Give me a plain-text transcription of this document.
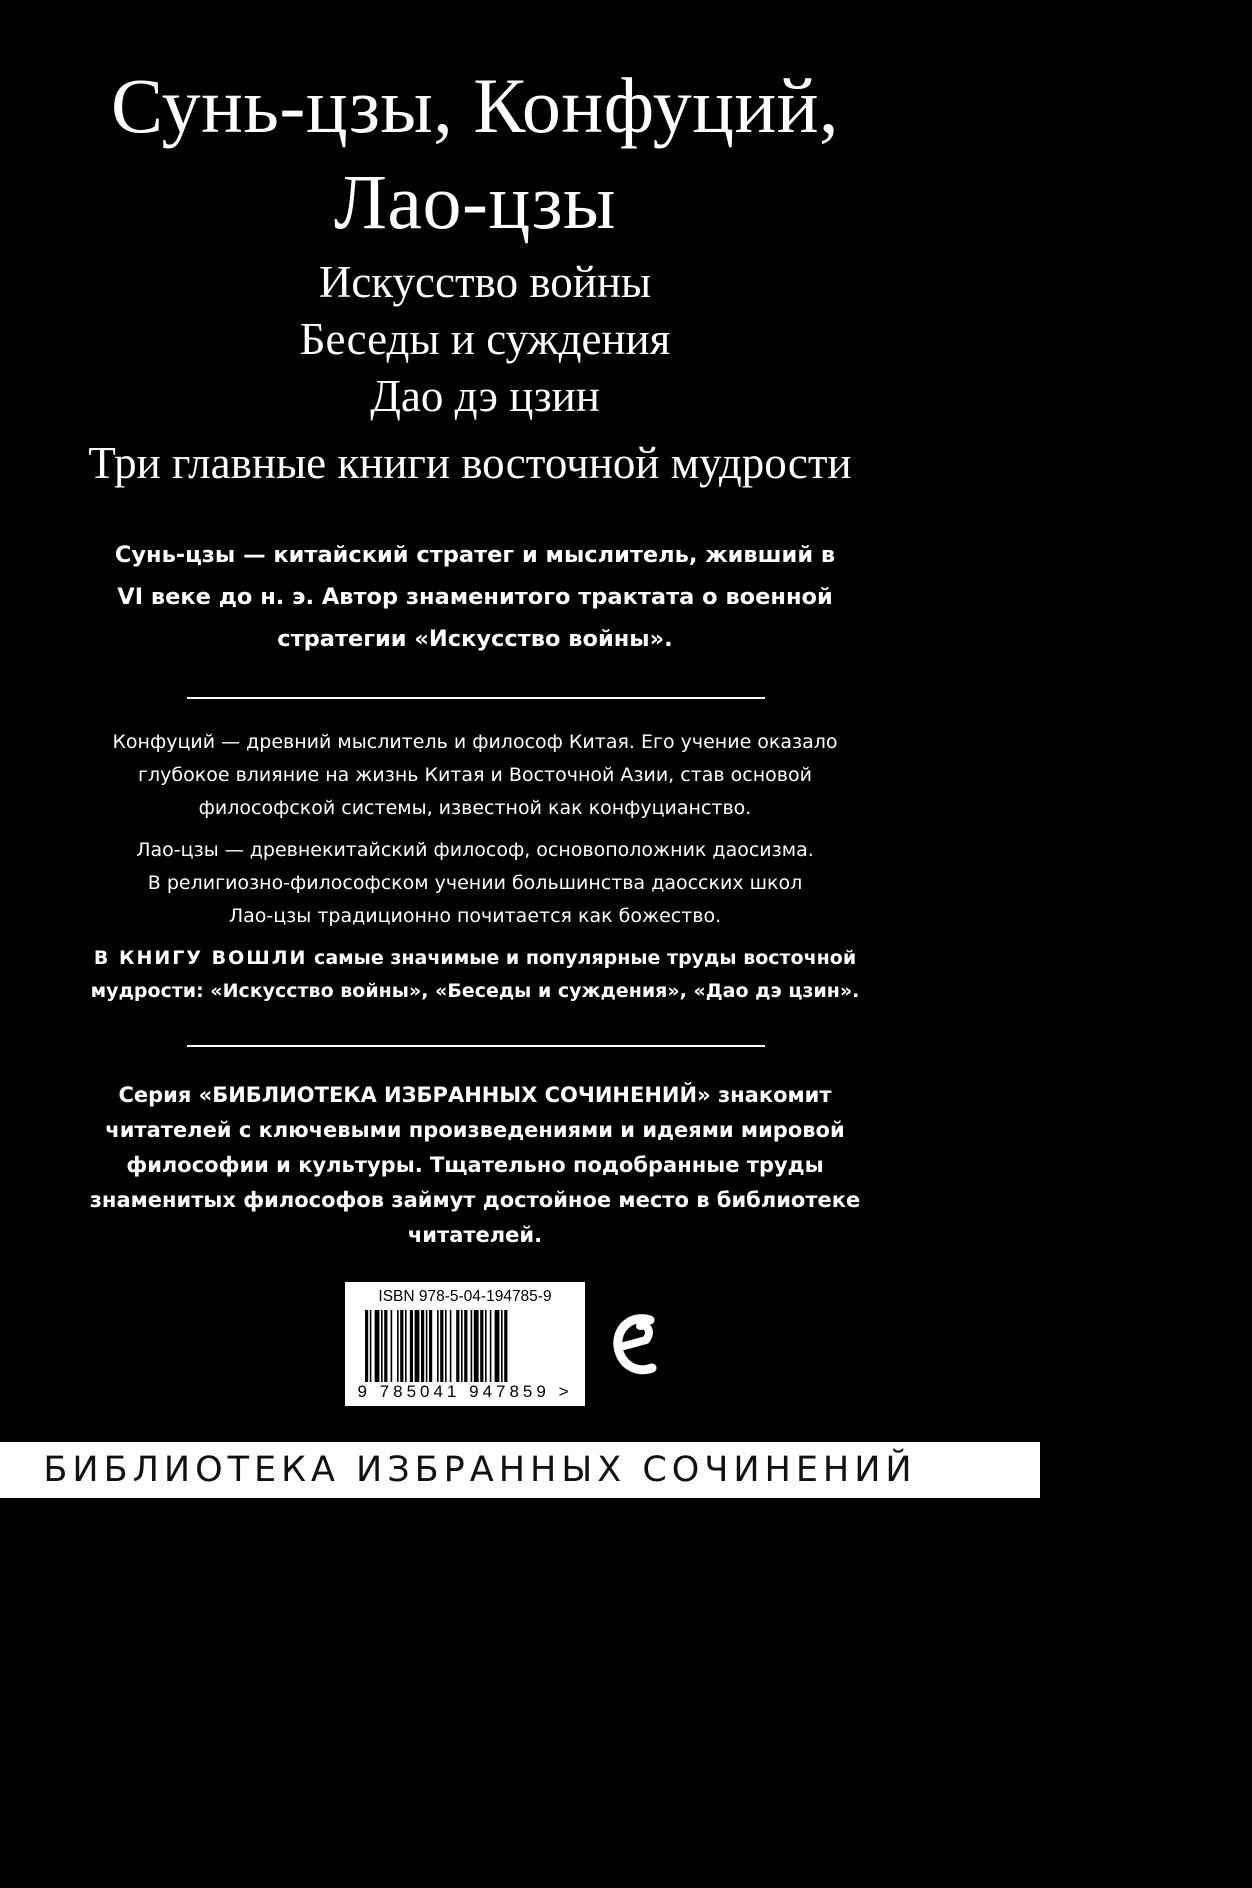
Сунь-цзы, Конфуций,
Лао-цзы
Искусство войны
Беседы и суждения
Дао дэ цзин
Три главные книги восточной мудрости

Сунь-цзы — китайский стратег и мыслитель, живший в

VI веке до н. э. Автор знаменитого трактата о военной

стратегии «Искусство войны».

Конфуций — древний мыслитель и философ Китая. Его учение оказало

глубокое влияние на жизнь Китая и Восточной Азии, став основой

философской системы, известной как конфуцианство.

Лао-цзы — древнекитайский философ, основоположник даосизма.

В религиозно-философском учении большинства даосских школ

Лао-цзы традиционно почитается как божество.

В КНИГУ ВОШЛИ самые значимые и популярные труды восточной

мудрости: «Искусство войны», «Беседы и суждения», «Дао дэ цзин».

Серия «БИБЛИОТЕКА ИЗБРАННЫХ СОЧИНЕНИЙ» знакомит

читателей с ключевыми произведениями и идеями мировой

философии и культуры. Тщательно подобранные труды

знаменитых философов займут достойное место в библиотеке

читателей.

ISBN 978-5-04-194785-9
9 785041 947859 >
БИБЛИОТЕКА ИЗБРАННЫХ СОЧИНЕНИЙ
